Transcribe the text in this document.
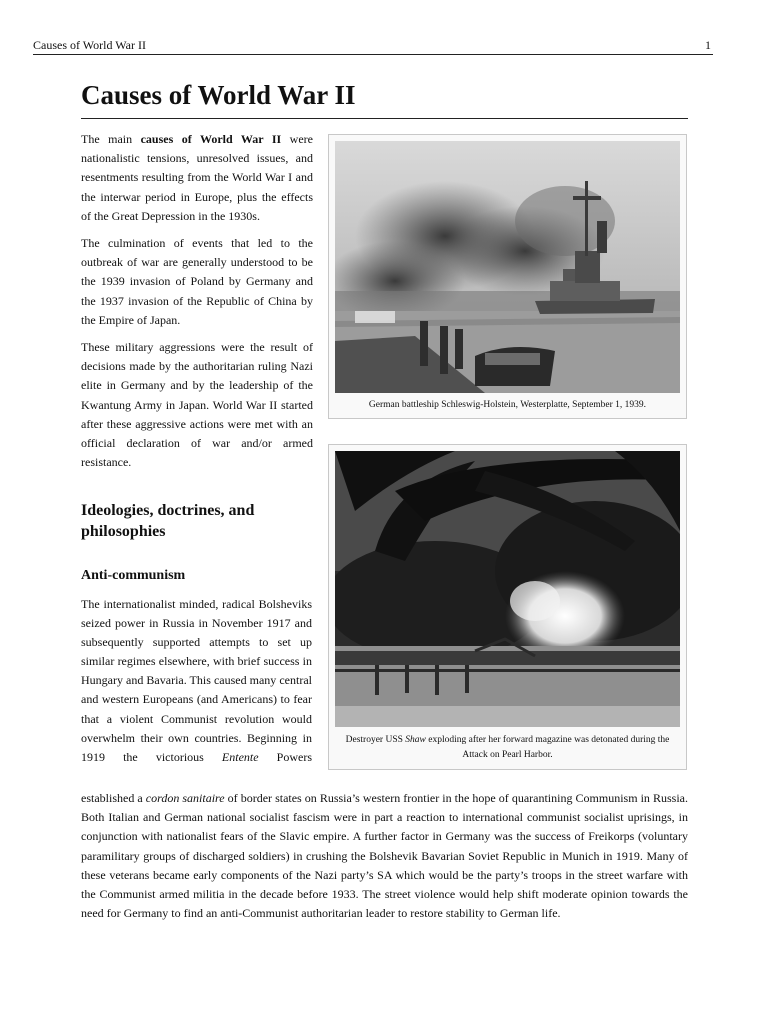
Causes of World War II	1
Causes of World War II

The main causes of World War II were nationalistic tensions, unresolved issues, and resentments resulting from the World War I and the interwar period in Europe, plus the effects of the Great Depression in the 1930s.

The culmination of events that led to the outbreak of war are generally understood to be the 1939 invasion of Poland by Germany and the 1937 invasion of the Republic of China by the Empire of Japan.

These military aggressions were the result of decisions made by the authoritarian ruling Nazi elite in Germany and by the leadership of the Kwantung Army in Japan. World War II started after these aggressive actions were met with an official declaration of war and/or armed resistance.

Ideologies, doctrines, and philosophies
Anti-communism

The internationalist minded, radical Bolsheviks seized power in Russia in November 1917 and subsequently supported attempts to set up similar regimes elsewhere, with brief success in Hungary and Bavaria. This caused many central and western Europeans (and Americans) to fear that a violent Communist revolution would overwhelm their own countries. Beginning in 1919 the victorious Entente Powers

established a cordon sanitaire of border states on Russia’s western frontier in the hope of quarantining Communism in Russia. Both Italian and German national socialist fascism were in part a reaction to international communist socialist uprisings, in conjunction with nationalist fears of the Slavic empire. A further factor in Germany was the success of Freikorps (voluntary paramilitary groups of discharged soldiers) in crushing the Bolshevik Bavarian Soviet Republic in Munich in 1919. Many of these veterans became early components of the Nazi party’s SA which would be the party’s troops in the street warfare with the Communist armed militia in the decade before 1933. The street violence would help shift moderate opinion towards the need for Germany to find an anti-Communist authoritarian leader to restore stability to German life.

German battleship Schleswig-Holstein, Westerplatte, September 1, 1939.
Destroyer USS Shaw exploding after her forward magazine was detonated during the Attack on Pearl Harbor.
